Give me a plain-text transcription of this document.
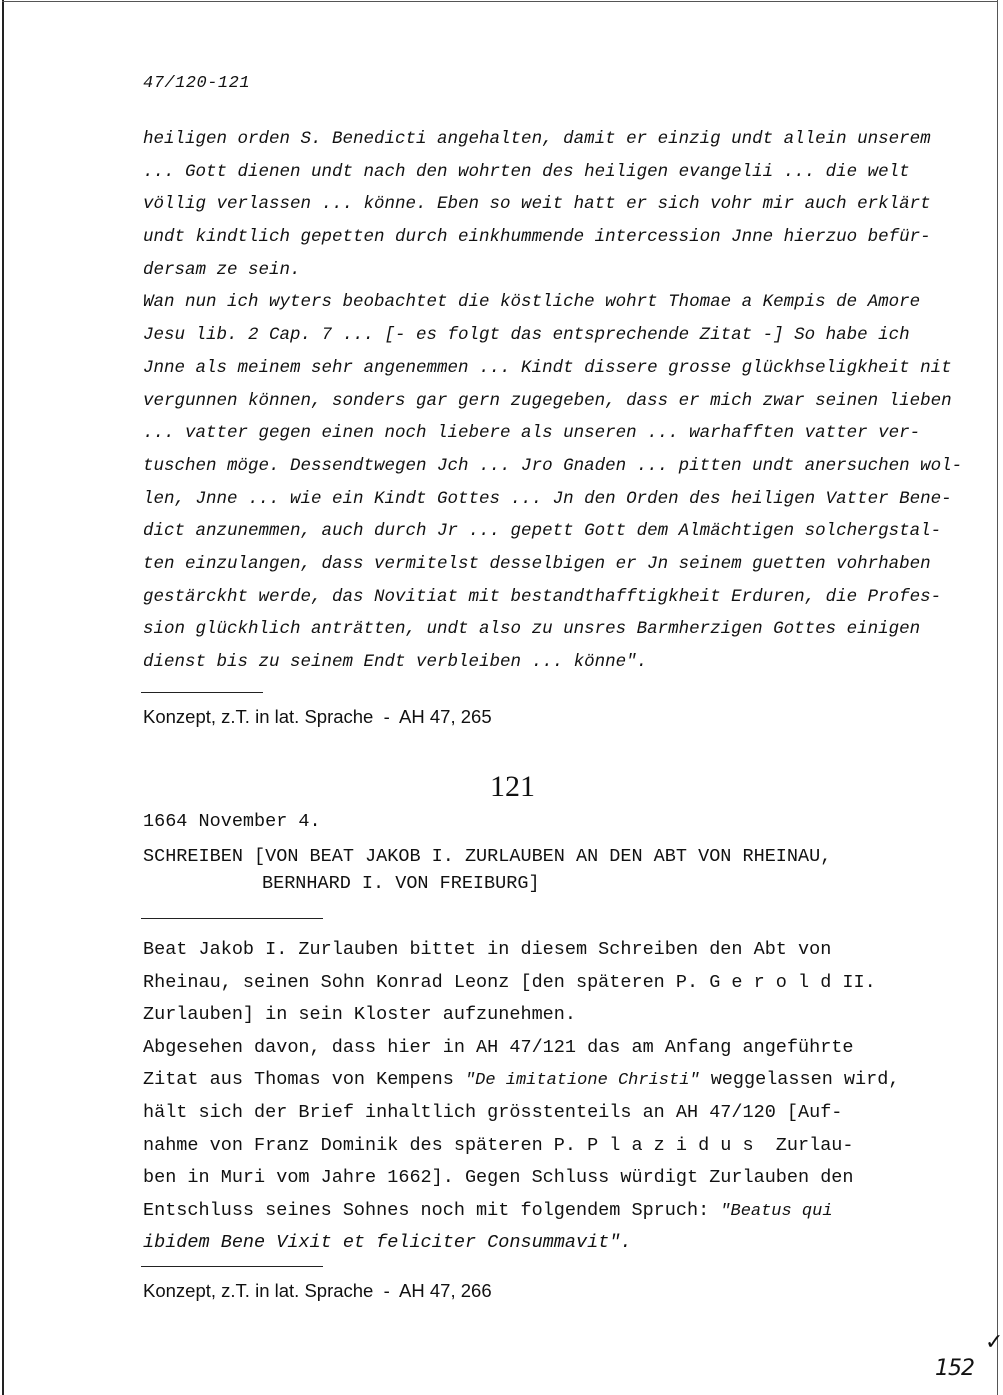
47/120-121
heiligen orden S. Benedicti angehalten, damit er einzig undt allein unserem
... Gott dienen undt nach den wohrten des heiligen evangelii ... die welt
völlig verlassen ... könne. Eben so weit hatt er sich vohr mir auch erklärt
undt kindtlich gepetten durch einkhummende intercession Jnne hierzuo befür-
dersam ze sein.
Wan nun ich wyters beobachtet die köstliche wohrt Thomae a Kempis de Amore
Jesu lib. 2 Cap. 7 ... [- es folgt das entsprechende Zitat -] So habe ich
Jnne als meinem sehr angenemmen ... Kindt dissere grosse glückhseligkheit nit
vergunnen können, sonders gar gern zugegeben, dass er mich zwar seinen lieben
... vatter gegen einen noch liebere als unseren ... warhafften vatter ver-
tuschen möge. Dessendtwegen Jch ... Jro Gnaden ... pitten undt anersuchen wol-
len, Jnne ... wie ein Kindt Gottes ... Jn den Orden des heiligen Vatter Bene-
dict anzunemmen, auch durch Jr ... gepett Gott dem Almächtigen solchergstal-
ten einzulangen, dass vermitelst desselbigen er Jn seinem guetten vohrhaben
gestärckht werde, das Novitiat mit bestandthafftigkheit Erduren, die Profes-
sion glückhlich anträtten, undt also zu unsres Barmherzigen Gottes einigen
dienst bis zu seinem Endt verbleiben ... könne".
Konzept, z.T. in lat. Sprache  -  AH 47, 265
121
1664 November 4.
SCHREIBEN [VON BEAT JAKOB I. ZURLAUBEN AN DEN ABT VON RHEINAU,
BERNHARD I. VON FREIBURG]
Beat Jakob I. Zurlauben bittet in diesem Schreiben den Abt von
Rheinau, seinen Sohn Konrad Leonz [den späteren P. G e r o l d II.
Zurlauben] in sein Kloster aufzunehmen.
Abgesehen davon, dass hier in AH 47/121 das am Anfang angeführte
Zitat aus Thomas von Kempens "De imitatione Christi" weggelassen wird,
hält sich der Brief inhaltlich grösstenteils an AH 47/120 [Auf-
nahme von Franz Dominik des späteren P. P l a z i d u s  Zurlau-
ben in Muri vom Jahre 1662]. Gegen Schluss würdigt Zurlauben den
Entschluss seines Sohnes noch mit folgendem Spruch: "Beatus qui
ibidem Bene Vixit et feliciter Consummavit".
Konzept, z.T. in lat. Sprache  -  AH 47, 266
✓
152
